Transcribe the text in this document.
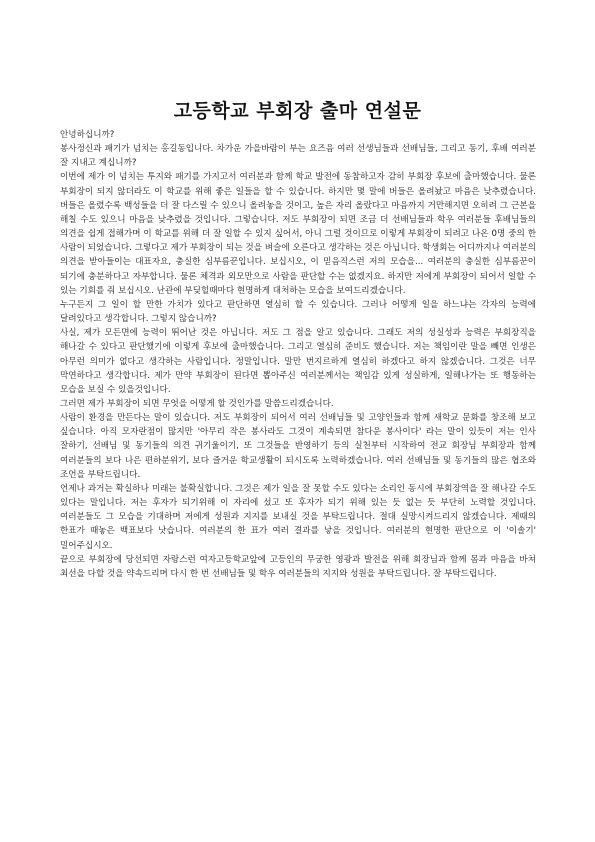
고등학교 부회장 출마 연설문

안녕하십니까?

봉사정신과 패기가 넘치는 홍길동입니다. 차가운 가을바람이 부는 요즈음 여러 선생님들과 선배님들, 그리고 동기, 후배 여러분 잘 지내고 계십니까?

이번에 제가 이 넘치는 투지와 패기를 가지고서 여러분과 함께 학교 발전에 동참하고자 감히 부회장 후보에 출마했습니다. 물론 부회장이 되지 않더라도 이 학교를 위해 좋은 일들을 할 수 있습니다. 하지만 몇 말에 버들은 올려놨고 마음은 낮추렸습니다. 버들은 올렸수록 백성들을 더 잘 다스릴 수 있으니 올려놓을 것이고, 높은 자리 올랐다고 마음까지 거만해지면 오히려 그 근본을 해칠 수도 있으니 마음을 낮추렸을 것입니다. 그렇습니다. 저도 부회장이 되면 조금 더 선배님들과 학우 여러분들 후배님들의 의견을 쉽게 접해가며 이 학교를 위해 더 잘 일할 수 있지 싶어서, 아니 그럴 것이므로 이렇게 부회장이 되려고 나온 0명 중의 한 사람이 되었습니다. 그렇다고 제가 부회장이 되는 것을 벼슬에 오른다고 생각하는 것은 아닙니다. 학생회는 어디까지나 여러분의 의견을 받아들이는 대표자요, 충실한 심부름꾼입니다. 보십시오, 이 믿음직스런 저의 모습을... 여러분의 충실한 심부름꾼이 되기에 충분하다고 자부합니다. 물론 체격과 외모만으로 사람을 판단할 수는 없겠지요. 하지만 저에게 부회장이 되어서 일할 수 있는 기회를 줘 보십시오. 난관에 부딪힐때마다 현명하게 대처하는 모습을 보여드리겠습니다.

누구든지 그 일이 할 만한 가치가 있다고 판단하면 열심히 할 수 있습니다. 그러나 어떻게 일을 하느냐는 각자의 능력에 달려있다고 생각합니다. 그렇지 않습니까?

사실, 제가 모든면에 능력이 뛰어난 것은 아닙니다. 저도 그 점을 알고 있습니다. 그래도 저의 성실성과 능력은 부회장직을 해나갈 수 있다고 판단했기에 이렇게 후보에 출마했습니다. 그리고 열심히 준비도 했습니다. 저는 책임이란 말을 빼면 인생은 아무런 의미가 없다고 생각하는 사람입니다. 정말입니다. 말만 번지르하게 열심히 하겠다고 하지 않겠습니다. 그것은 너무 막연하다고 생각합니다. 제가 만약 부회장이 된다면 뽑아주신 여러분께서는 책임감 있게 성실하게, 일해나가는 또 행동하는 모습을 보실 수 있을것입니다.

그러면 제가 부회장이 되면 무엇을 어떻게 할 것인가를 말씀드리겠습니다.

사람이 환경을 만든다는 말이 있습니다. 저도 부회장이 되어서 여러 선배님들 및 고양인들과 함께 새학교 문화를 창조해 보고 싶습니다. 아직 모자란점이 많지만 '아무리 작은 봉사라도 그것이 계속되면 참다운 봉사이다' 라는 말이 있듯이 저는 인사 잘하기, 선배님 및 동기들의 의견 귀기울이기, 또 그것들을 반영하기 등의 실천부터 시작하여 전교 회장님 부회장과 함께 여러분들의 보다 나은 편하분위기, 보다 즐거운 학교생활이 되시도록 노력하겠습니다. 여러 선배님들 및 동기들의 많은 협조와 조언을 부탁드립니다.

언제나 과거는 확실하나 미래는 불확실합니다. 그것은 제가 일을 잘 못할 수도 있다는 소리인 동시에 부회장역을 잘 해나갈 수도 있다는 말입니다. 저는 후자가 되기위해 이 자리에 섰고 또 후자가 되기 위해 있는 듯 없는 듯 부단히 노력할 것입니다. 여러분들도 그 모습을 기대하며 저에게 성원과 지지를 보내실 것을 부탁드립니다. 절대 실망시켜드리지 않겠습니다. 제때의 한표가 때놓은 백표보다 낫습니다. 여러분의 한 표가 여러 결과를 낳을 것입니다. 여러분의 현명한 판단으로 이 '이솔기' 밀어주십시오.

끝으로 부회장에 당선되면 자랑스런 여자고등학교앞에 고등인의 무궁한 영광과 발전을 위해 회장님과 함께 몸과 마음을 바쳐 최선을 다할 것을 약속드리며 다시 한 번 선배님들 및 학우 여러분들의 지지와 성원을 부탁드립니다. 잘 부탁드립니다.
